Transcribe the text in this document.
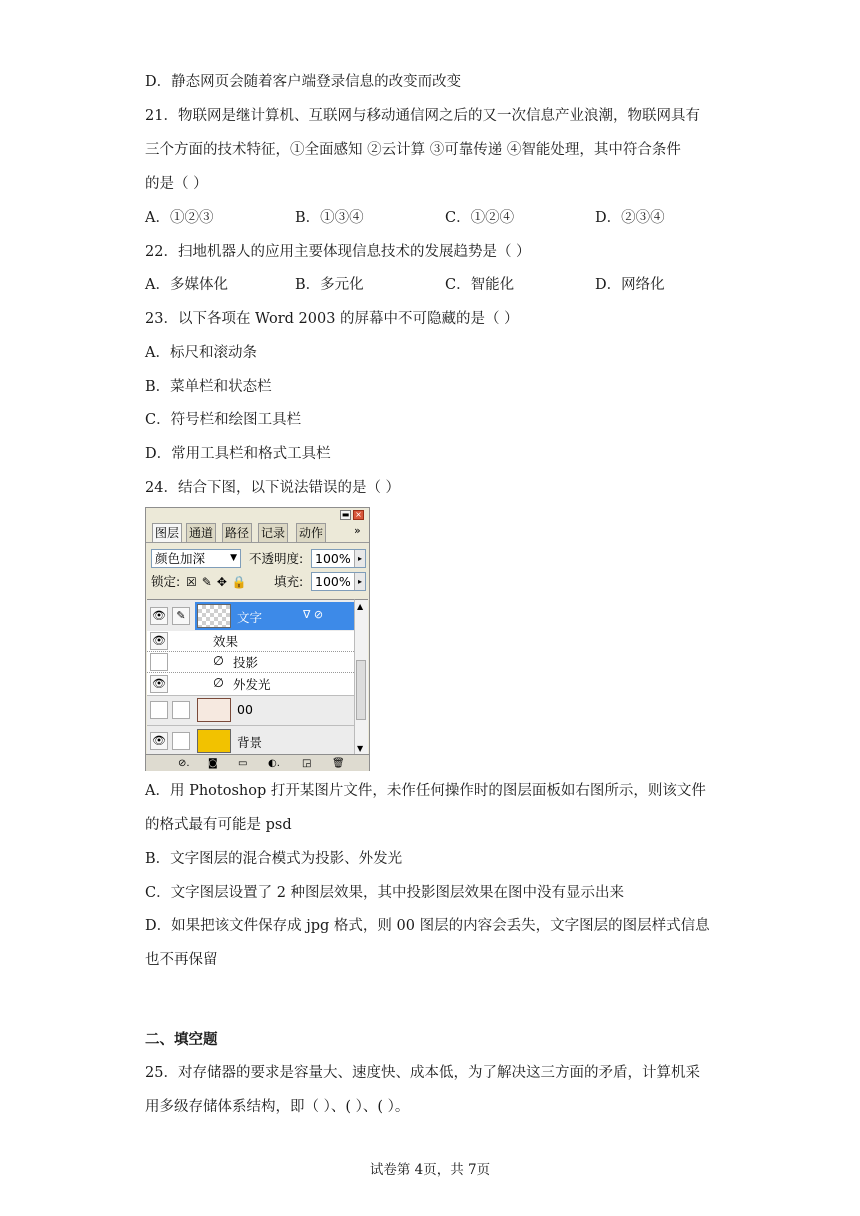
D．静态网页会随着客户端登录信息的改变而改变
21．物联网是继计算机、互联网与移动通信网之后的又一次信息产业浪潮，物联网具有
三个方面的技术特征，①全面感知 ②云计算 ③可靠传递 ④智能处理，其中符合条件
的是（ ）
A．①②③	B．①③④	C．①②④	D．②③④
22．扫地机器人的应用主要体现信息技术的发展趋势是（ ）
A．多媒体化	B．多元化	C．智能化	D．网络化
23．以下各项在 Word 2003 的屏幕中不可隐藏的是（ ）
A．标尺和滚动条
B．菜单栏和状态栏
C．符号栏和绘图工具栏
D．常用工具栏和格式工具栏
24．结合下图，以下说法错误的是（ ）
▬ ×
图层 通道 路径 记录 动作	»
颜色加深	▼ 不透明度: 100% ▸
锁定: ☒✎✥🔒 填充: 100% ▸
👁 ✎	文字	∇ ⊘
👁	效果
∅ 投影
👁	∅ 外发光
00
👁	背景
▲
▼
⊘. ◙ ▭ ◐. ◲ 🗑
A．用 Photoshop 打开某图片文件，未作任何操作时的图层面板如右图所示，则该文件
的格式最有可能是 psd
B．文字图层的混合模式为投影、外发光
C．文字图层设置了 2 种图层效果，其中投影图层效果在图中没有显示出来
D．如果把该文件保存成 jpg 格式，则 00 图层的内容会丢失，文字图层的图层样式信息
也不再保留
二、填空题
25．对存储器的要求是容量大、速度快、成本低，为了解决这三方面的矛盾，计算机采
用多级存储体系结构，即（ ）、( ）、( ）。
试卷第 4页，共 7页
